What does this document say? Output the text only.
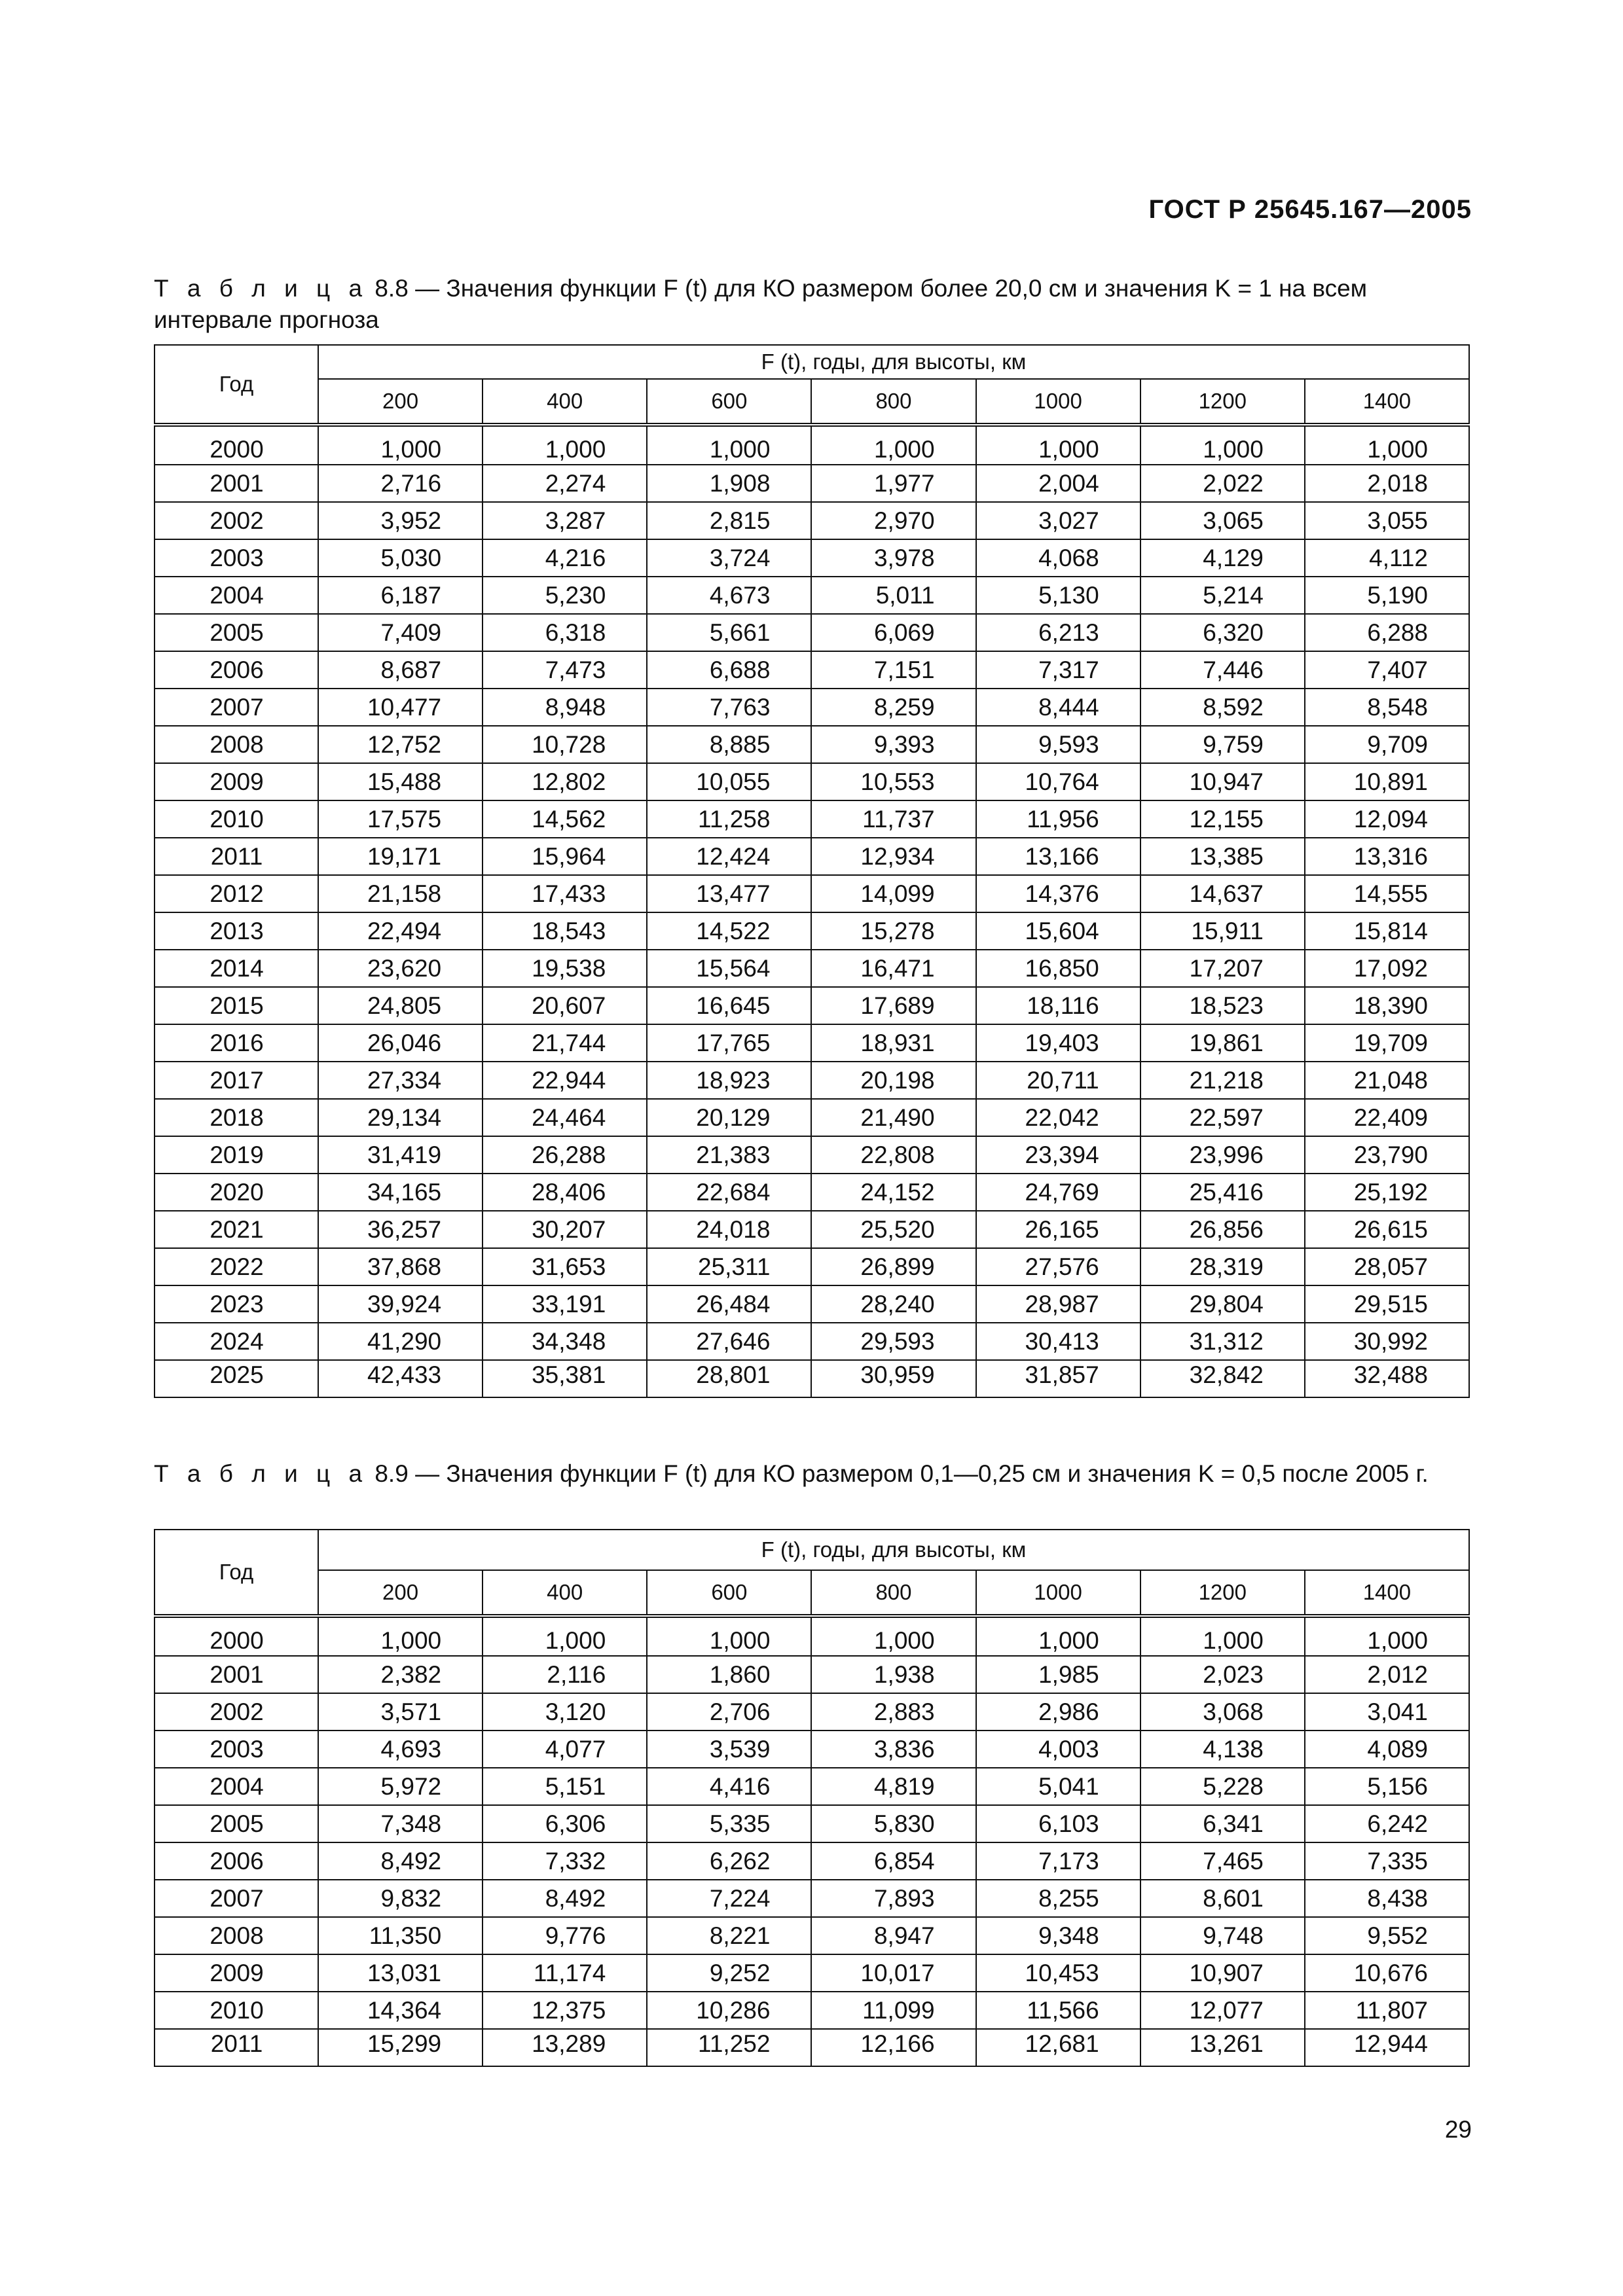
ГОСТ Р 25645.167—2005
Т а б л и ц а 8.8 — Значения функции F (t) для КО размером более 20,0 см и значения K = 1 на всем интервале прогноза
Год	F (t), годы, для высоты, км						
	200	400	600	800	1000	1200	1400
2000	1,000	1,000	1,000	1,000	1,000	1,000	1,000
2001	2,716	2,274	1,908	1,977	2,004	2,022	2,018
2002	3,952	3,287	2,815	2,970	3,027	3,065	3,055
2003	5,030	4,216	3,724	3,978	4,068	4,129	4,112
2004	6,187	5,230	4,673	5,011	5,130	5,214	5,190
2005	7,409	6,318	5,661	6,069	6,213	6,320	6,288
2006	8,687	7,473	6,688	7,151	7,317	7,446	7,407
2007	10,477	8,948	7,763	8,259	8,444	8,592	8,548
2008	12,752	10,728	8,885	9,393	9,593	9,759	9,709
2009	15,488	12,802	10,055	10,553	10,764	10,947	10,891
2010	17,575	14,562	11,258	11,737	11,956	12,155	12,094
2011	19,171	15,964	12,424	12,934	13,166	13,385	13,316
2012	21,158	17,433	13,477	14,099	14,376	14,637	14,555
2013	22,494	18,543	14,522	15,278	15,604	15,911	15,814
2014	23,620	19,538	15,564	16,471	16,850	17,207	17,092
2015	24,805	20,607	16,645	17,689	18,116	18,523	18,390
2016	26,046	21,744	17,765	18,931	19,403	19,861	19,709
2017	27,334	22,944	18,923	20,198	20,711	21,218	21,048
2018	29,134	24,464	20,129	21,490	22,042	22,597	22,409
2019	31,419	26,288	21,383	22,808	23,394	23,996	23,790
2020	34,165	28,406	22,684	24,152	24,769	25,416	25,192
2021	36,257	30,207	24,018	25,520	26,165	26,856	26,615
2022	37,868	31,653	25,311	26,899	27,576	28,319	28,057
2023	39,924	33,191	26,484	28,240	28,987	29,804	29,515
2024	41,290	34,348	27,646	29,593	30,413	31,312	30,992
2025	42,433	35,381	28,801	30,959	31,857	32,842	32,488
Т а б л и ц а 8.9 — Значения функции F (t) для КО размером 0,1—0,25 см и значения K = 0,5 после 2005 г.
Год	F (t), годы, для высоты, км						
	200	400	600	800	1000	1200	1400
2000	1,000	1,000	1,000	1,000	1,000	1,000	1,000
2001	2,382	2,116	1,860	1,938	1,985	2,023	2,012
2002	3,571	3,120	2,706	2,883	2,986	3,068	3,041
2003	4,693	4,077	3,539	3,836	4,003	4,138	4,089
2004	5,972	5,151	4,416	4,819	5,041	5,228	5,156
2005	7,348	6,306	5,335	5,830	6,103	6,341	6,242
2006	8,492	7,332	6,262	6,854	7,173	7,465	7,335
2007	9,832	8,492	7,224	7,893	8,255	8,601	8,438
2008	11,350	9,776	8,221	8,947	9,348	9,748	9,552
2009	13,031	11,174	9,252	10,017	10,453	10,907	10,676
2010	14,364	12,375	10,286	11,099	11,566	12,077	11,807
2011	15,299	13,289	11,252	12,166	12,681	13,261	12,944
29
